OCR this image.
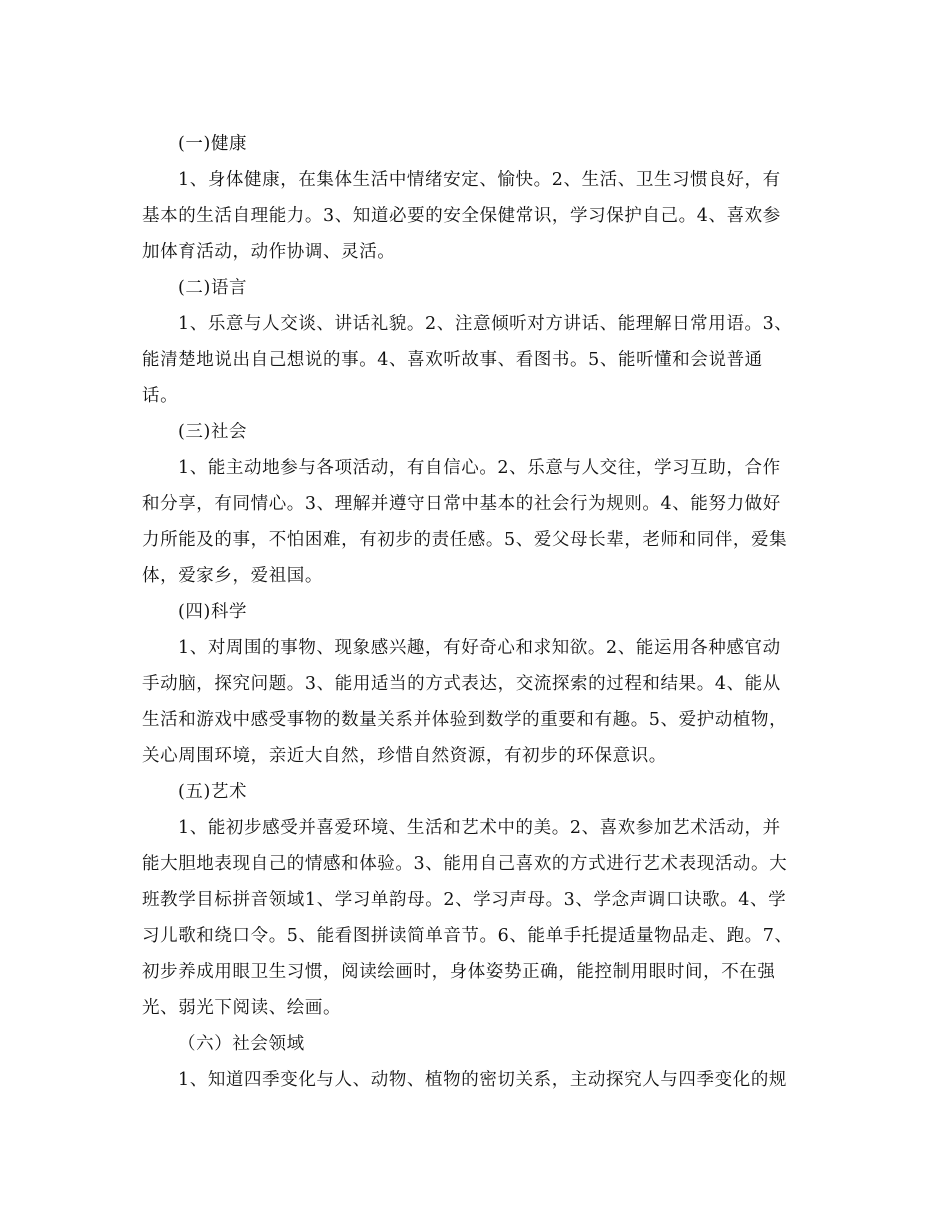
(一)健康
1、身体健康，在集体生活中情绪安定、愉快。2、生活、卫生习惯良好，有
基本的生活自理能力。3、知道必要的安全保健常识，学习保护自己。4、喜欢参
加体育活动，动作协调、灵活。
(二)语言
1、乐意与人交谈、讲话礼貌。2、注意倾听对方讲话、能理解日常用语。3、
能清楚地说出自己想说的事。4、喜欢听故事、看图书。5、能听懂和会说普通
话。
(三)社会
1、能主动地参与各项活动，有自信心。2、乐意与人交往，学习互助，合作
和分享，有同情心。3、理解并遵守日常中基本的社会行为规则。4、能努力做好
力所能及的事，不怕困难，有初步的责任感。5、爱父母长辈，老师和同伴，爱集
体，爱家乡，爱祖国。
(四)科学
1、对周围的事物、现象感兴趣，有好奇心和求知欲。2、能运用各种感官动
手动脑，探究问题。3、能用适当的方式表达，交流探索的过程和结果。4、能从
生活和游戏中感受事物的数量关系并体验到数学的重要和有趣。5、爱护动植物，
关心周围环境，亲近大自然，珍惜自然资源，有初步的环保意识。
(五)艺术
1、能初步感受并喜爱环境、生活和艺术中的美。2、喜欢参加艺术活动，并
能大胆地表现自己的情感和体验。3、能用自己喜欢的方式进行艺术表现活动。大
班教学目标拼音领域1、学习单韵母。2、学习声母。3、学念声调口诀歌。4、学
习儿歌和绕口令。5、能看图拼读简单音节。6、能单手托提适量物品走、跑。7、
初步养成用眼卫生习惯，阅读绘画时，身体姿势正确，能控制用眼时间，不在强
光、弱光下阅读、绘画。
（六）社会领域
1、知道四季变化与人、动物、植物的密切关系，主动探究人与四季变化的规
